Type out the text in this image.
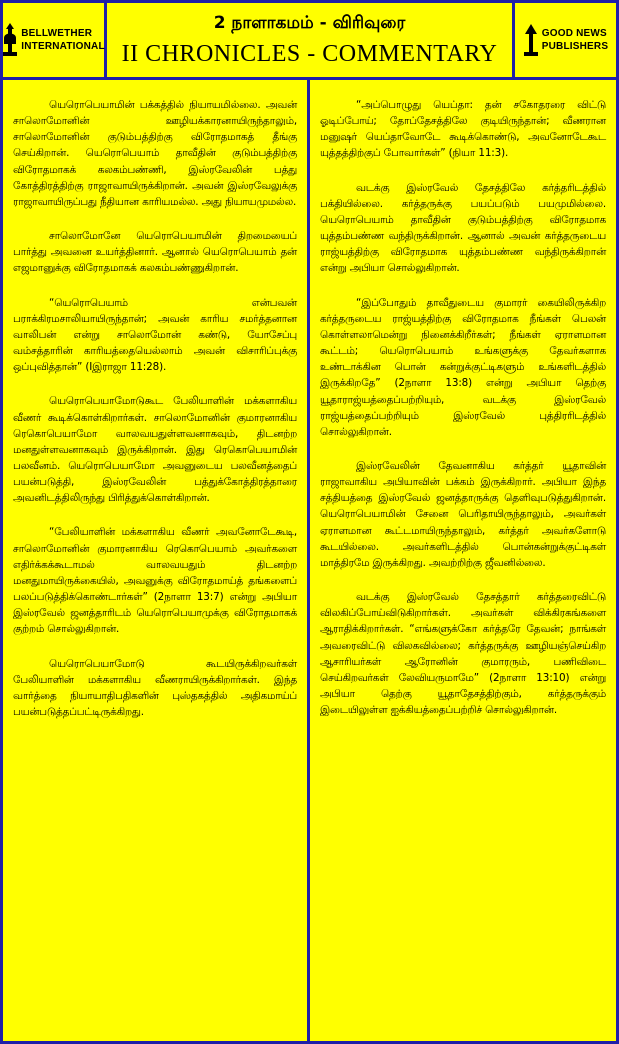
BELLWETHER
INTERNATIONAL
2 நாளாகமம் - விரிவுரை
II CHRONICLES - COMMENTARY
GOOD NEWS
PUBLISHERS

யெரொபெயாமின் பக்கத்தில் நியாயமில்லை. அவன் சாலொமோனின் ஊழியக்காரனாயிருந்தாலும், சாலொமோனின் குடும்பத்திற்கு விரோதமாகத் தீங்கு செய்கிறான். யெரொபெயாம் தாவீதின் குடும்பத்திற்கு விரோதமாகக் கலகம்பண்ணி, இஸ்ரவேலின் பத்து கோத்திரத்திற்கு ராஜாவாயிருக்கிறான். அவன் இஸ்ரவேலுக்கு ராஜாவாயிருப்பது நீதியான காரியமல்ல. அது நியாயமுமல்ல.

சாலொமோனே யெரொபெயாமின் திறமையைப் பார்த்து அவனை உயர்த்தினார். ஆனால் யெரொபெயாம் தன் எஜமானுக்கு விரோதமாகக் கலகம்பண்ணுகிறான்.

“யெரொபெயாம் என்பவன் பராக்கிரமசாலியாயிருந்தான்; அவன் காரிய சமர்த்தனான வாலிபன் என்று சாலொமோன் கண்டு, யோசேப்பு வம்சத்தாரின் காரியத்தையெல்லாம் அவன் விசாரிப்புக்கு ஒப்புவித்தான்” (Iஇராஜா 11:28).

யெரொபெயாமோடுகூட பேலியாளின் மக்களாகிய வீணர் கூடிக்கொள்கிறார்கள். சாலொமோனின் குமாரனாகிய ரெகொபெயாமோ வாலவயதுள்ளவனாகவும், திடனற்ற மனதுள்ளவனாகவும் இருக்கிறான். இது ரெகொபெயாமின் பலவீனம். யெரொபெயாமோ அவனுடைய பலவீனத்தைப் பயன்படுத்தி, இஸ்ரவேலின் பத்துக்கோத்திரத்தாரை அவனிடத்திலிருந்து பிரித்துக்கொள்கிறான்.

“பேலியாளின் மக்களாகிய வீணர் அவனோடேகூடி, சாலொமோனின் குமாரனாகிய ரெகொபெயாம் அவர்களை எதிர்க்கக்கூடாமல் வாலவயதும் திடனற்ற மனதுமாயிருக்கையில், அவனுக்கு விரோதமாய்த் தங்களைப் பலப்படுத்திக்கொண்டார்கள்” (2நாளா 13:7) என்று அபியா இஸ்ரவேல் ஜனத்தாரிடம் யெரொபெயாமுக்கு விரோதமாகக் குற்றம் சொல்லுகிறான்.

யெரொபெயாமோடு கூடயிருக்கிறவர்கள் பேலியாளின் மக்களாகிய வீணராயிருக்கிறார்கள். இந்த வார்த்தை நியாயாதிபதிகளின் புஸ்தகத்தில் அதிகமாய்ப் பயன்படுத்தப்பட்டிருக்கிறது.

“அப்பொழுது யெப்தா: தன் சகோதரரை விட்டு ஓடிப்போய்; தோப்தேசத்திலே குடியிருந்தான்; வீணரான மனுஷர் யெப்தாவோடே கூடிக்கொண்டு, அவனோடேகூட யுத்தத்திற்குப் போவார்கள்” (நியா 11:3).

வடக்கு இஸ்ரவேல் தேசத்திலே கர்த்தரிடத்தில் பக்தியில்லை. கர்த்தருக்கு பயப்படும் பயமுமில்லை. யெரொபெயாம் தாவீதின் குடும்பத்திற்கு விரோதமாக யுத்தம்பண்ண வந்திருக்கிறான். ஆனால் அவன் கர்த்தருடைய ராஜ்யத்திற்கு விரோதமாக யுத்தம்பண்ண வந்திருக்கிறான் என்று அபியா சொல்லுகிறான்.

“இப்போதும் தாவீதுடைய குமாரர் கையிலிருக்கிற கர்த்தருடைய ராஜ்யத்திற்கு விரோதமாக நீங்கள் பெலன் கொள்ளலாமென்று நினைக்கிறீர்கள்; நீங்கள் ஏராளமான கூட்டம்; யெரொபெயாம் உங்களுக்கு தேவர்களாக உண்டாக்கின பொன் கன்றுக்குட்டிகளும் உங்களிடத்தில் இருக்கிறதே” (2நாளா 13:8) என்று அபியா தெற்கு யூதாராஜ்யத்தைப்பற்றியும், வடக்கு இஸ்ரவேல் ராஜ்யத்தைப்பற்றியும் இஸ்ரவேல் புத்திரரிடத்தில் சொல்லுகிறான்.

இஸ்ரவேலின் தேவனாகிய கர்த்தர் யூதாவின் ராஜாவாகிய அபியாவின் பக்கம் இருக்கிறார். அபியா இந்த சத்தியத்தை இஸ்ரவேல் ஜனத்தாருக்கு தெளிவுபடுத்துகிறான். யெரொபெயாமின் சேனை பெரிதாயிருந்தாலும், அவர்கள் ஏராளமான கூட்டமாயிருந்தாலும், கர்த்தர் அவர்களோடு கூடயில்லை. அவர்களிடத்தில் பொன்கன்றுக்குட்டிகள் மாத்திரமே இருக்கிறது. அவற்றிற்கு ஜீவனில்லை.

வடக்கு இஸ்ரவேல் தேசத்தார் கர்த்தரைவிட்டு விலகிப்போய்விடுகிறார்கள். அவர்கள் விக்கிரகங்களை ஆராதிக்கிறார்கள். “எங்களுக்கோ கர்த்தரே தேவன்; நாங்கள் அவரைவிட்டு விலகவில்லை; கர்த்தருக்கு ஊழியஞ்செய்கிற ஆசாரியர்கள் ஆரோனின் குமாரரும், பணிவிடை செய்கிறவர்கள் லேவியருமாமே” (2நாளா 13:10) என்று அபியா தெற்கு யூதாதேசத்திற்கும், கர்த்தருக்கும் இடையிலுள்ள ஐக்கியத்தைப்பற்றிச் சொல்லுகிறான்.
